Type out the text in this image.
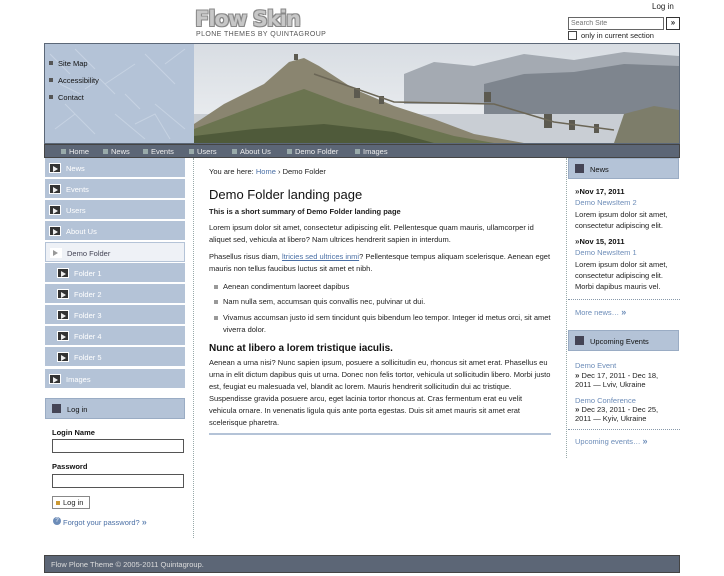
Flow Skin
PLONE THEMES BY QUINTAGROUP
Log in
Search Site
»
only in current section
Site Map
Accessibility
Contact
Home	News	Events	Users	About Us	Demo Folder	Images
News
Events
Users
About Us
Demo Folder
Folder 1
Folder 2
Folder 3
Folder 4
Folder 5
Images
Log in
Login Name
Password
Log in
? Forgot your password? »
You are here: Home › Demo Folder
Demo Folder landing page
This is a short summary of Demo Folder landing page
Lorem ipsum dolor sit amet, consectetur adipiscing elit. Pellentesque quam mauris, ullamcorper id aliquet sed, vehicula at libero? Nam ultrices hendrerit sapien in interdum.
Phasellus risus diam, ltricies sed ultrices inmi? Pellentesque tempus aliquam scelerisque. Aenean eget mauris non tellus faucibus luctus sit amet et nibh.
Aenean condimentum laoreet dapibus
Nam nulla sem, accumsan quis convallis nec, pulvinar ut dui.
Vivamus accumsan justo id sem tincidunt quis bibendum leo tempor. Integer id metus orci, sit amet viverra dolor.
Nunc at libero a lorem tristique iaculis.
Aenean a urna nisi? Nunc sapien ipsum, posuere a sollicitudin eu, rhoncus sit amet erat. Phasellus eu urna in elit dictum dapibus quis ut urna. Donec non felis tortor, vehicula ut sollicitudin libero. Morbi justo est, feugiat eu malesuada vel, blandit ac lorem. Mauris hendrerit sollicitudin dui ac tristique. Suspendisse gravida posuere arcu, eget lacinia tortor rhoncus at. Cras fermentum erat eu velit vehicula ornare. In venenatis ligula quis ante porta egestas. Duis sit amet mauris sit amet erat scelerisque pharetra.
News
»Nov 17, 2011
Demo NewsItem 2
Lorem ipsum dolor sit amet, consectetur adipiscing elit.
»Nov 15, 2011
Demo NewsItem 1
Lorem ipsum dolor sit amet, consectetur adipiscing elit. Morbi dapibus mauris vel.
More news… »
Upcoming Events
Demo Event
» Dec 17, 2011 - Dec 18, 2011 — Lviv, Ukraine
Demo Conference
» Dec 23, 2011 - Dec 25, 2011 — Kyiv, Ukraine
Upcoming events… »
Flow Plone Theme © 2005-2011 Quintagroup.
